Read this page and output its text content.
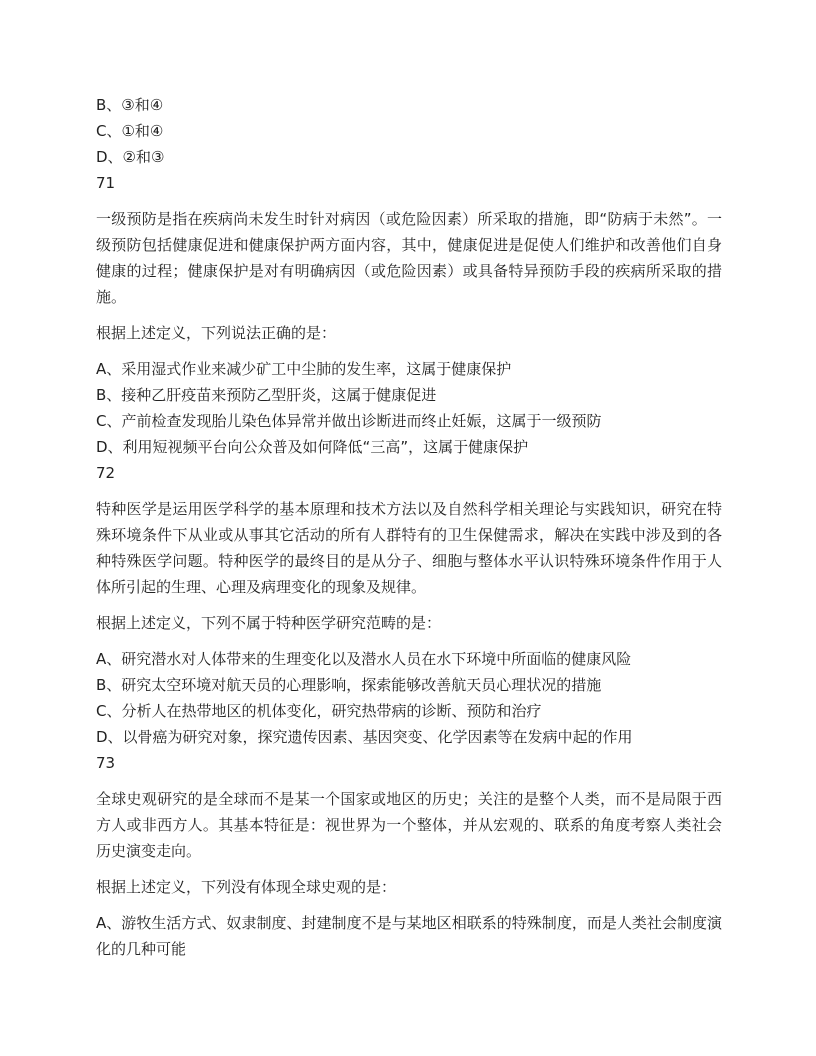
B、③和④

C、①和④

D、②和③

71

一级预防是指在疾病尚未发生时针对病因（或危险因素）所采取的措施，即“防病于未然”。一级预防包括健康促进和健康保护两方面内容，其中，健康促进是促使人们维护和改善他们自身健康的过程；健康保护是对有明确病因（或危险因素）或具备特异预防手段的疾病所采取的措施。

根据上述定义，下列说法正确的是：

A、采用湿式作业来减少矿工中尘肺的发生率，这属于健康保护

B、接种乙肝疫苗来预防乙型肝炎，这属于健康促进

C、产前检查发现胎儿染色体异常并做出诊断进而终止妊娠，这属于一级预防

D、利用短视频平台向公众普及如何降低“三高”，这属于健康保护

72

特种医学是运用医学科学的基本原理和技术方法以及自然科学相关理论与实践知识，研究在特殊环境条件下从业或从事其它活动的所有人群特有的卫生保健需求，解决在实践中涉及到的各种特殊医学问题。特种医学的最终目的是从分子、细胞与整体水平认识特殊环境条件作用于人体所引起的生理、心理及病理变化的现象及规律。

根据上述定义，下列不属于特种医学研究范畴的是：

A、研究潜水对人体带来的生理变化以及潜水人员在水下环境中所面临的健康风险

B、研究太空环境对航天员的心理影响，探索能够改善航天员心理状况的措施

C、分析人在热带地区的机体变化，研究热带病的诊断、预防和治疗

D、以骨癌为研究对象，探究遗传因素、基因突变、化学因素等在发病中起的作用

73

全球史观研究的是全球而不是某一个国家或地区的历史；关注的是整个人类，而不是局限于西方人或非西方人。其基本特征是：视世界为一个整体，并从宏观的、联系的角度考察人类社会历史演变走向。

根据上述定义，下列没有体现全球史观的是：

A、游牧生活方式、奴隶制度、封建制度不是与某地区相联系的特殊制度，而是人类社会制度演化的几种可能
